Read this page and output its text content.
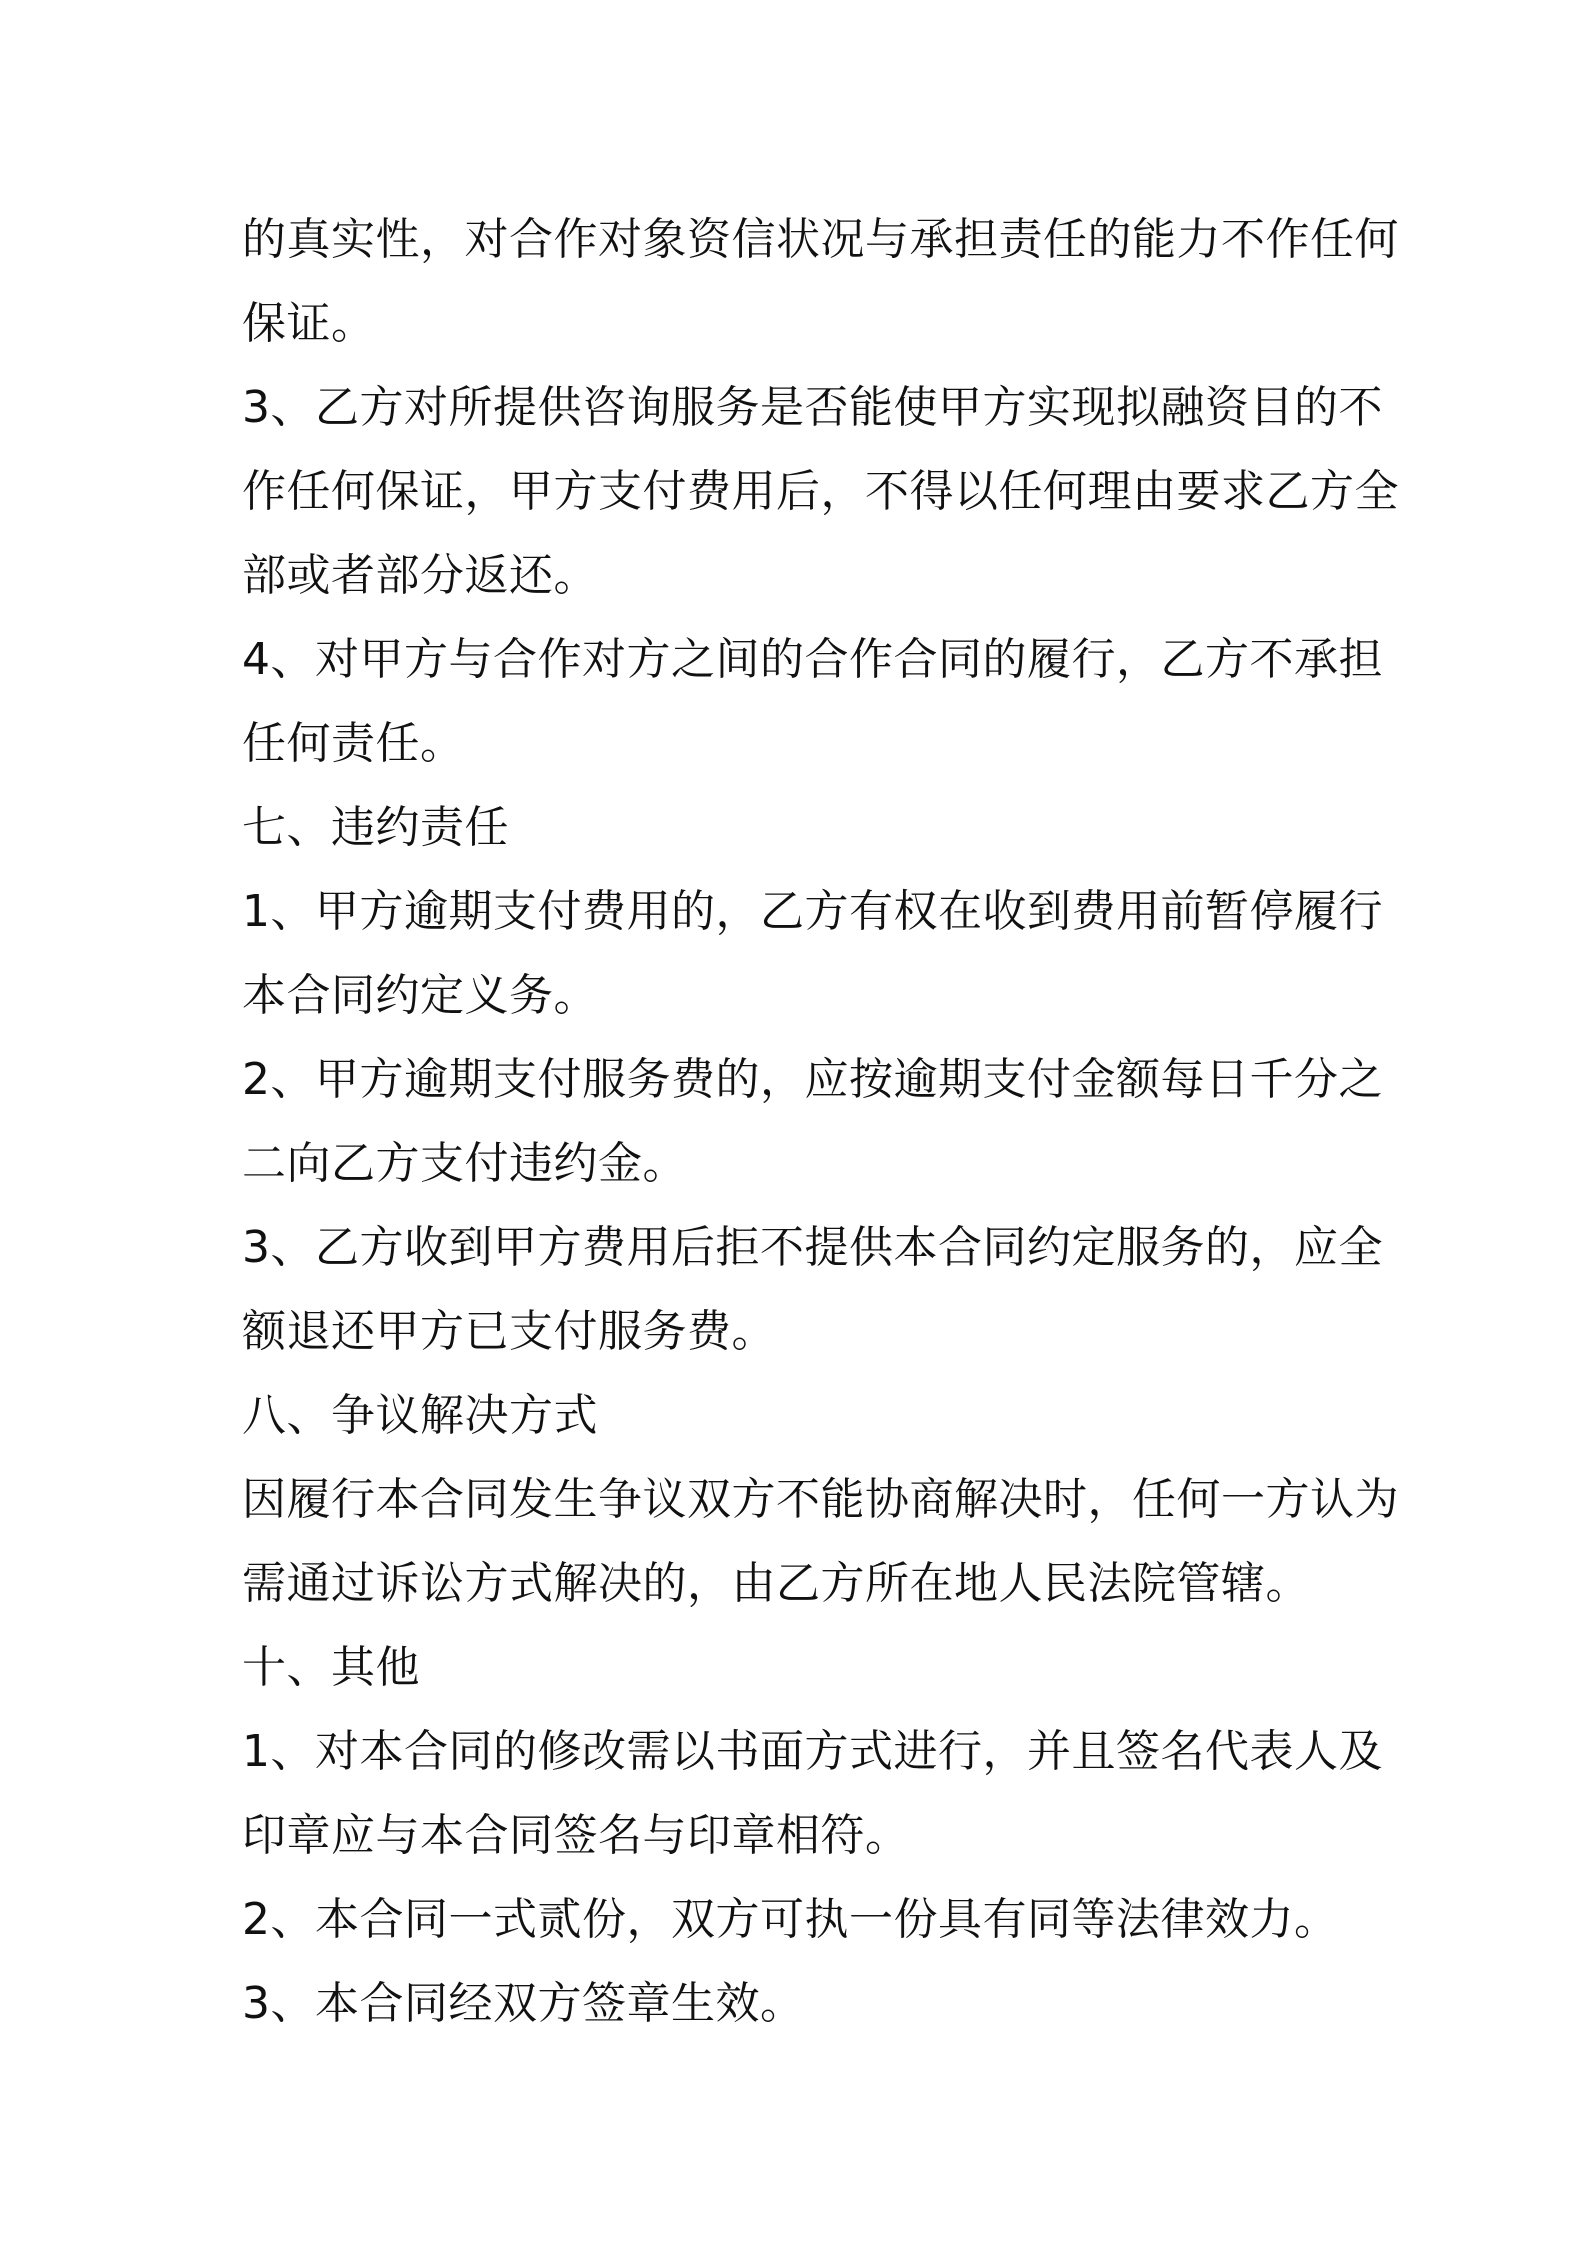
的真实性，对合作对象资信状况与承担责任的能力不作任何
保证。
3、乙方对所提供咨询服务是否能使甲方实现拟融资目的不
作任何保证，甲方支付费用后，不得以任何理由要求乙方全
部或者部分返还。
4、对甲方与合作对方之间的合作合同的履行，乙方不承担
任何责任。
七、违约责任
1、甲方逾期支付费用的，乙方有权在收到费用前暂停履行
本合同约定义务。
2、甲方逾期支付服务费的，应按逾期支付金额每日千分之
二向乙方支付违约金。
3、乙方收到甲方费用后拒不提供本合同约定服务的，应全
额退还甲方已支付服务费。
八、争议解决方式
因履行本合同发生争议双方不能协商解决时，任何一方认为
需通过诉讼方式解决的，由乙方所在地人民法院管辖。
十、其他
1、对本合同的修改需以书面方式进行，并且签名代表人及
印章应与本合同签名与印章相符。
2、本合同一式贰份，双方可执一份具有同等法律效力。
3、本合同经双方签章生效。
